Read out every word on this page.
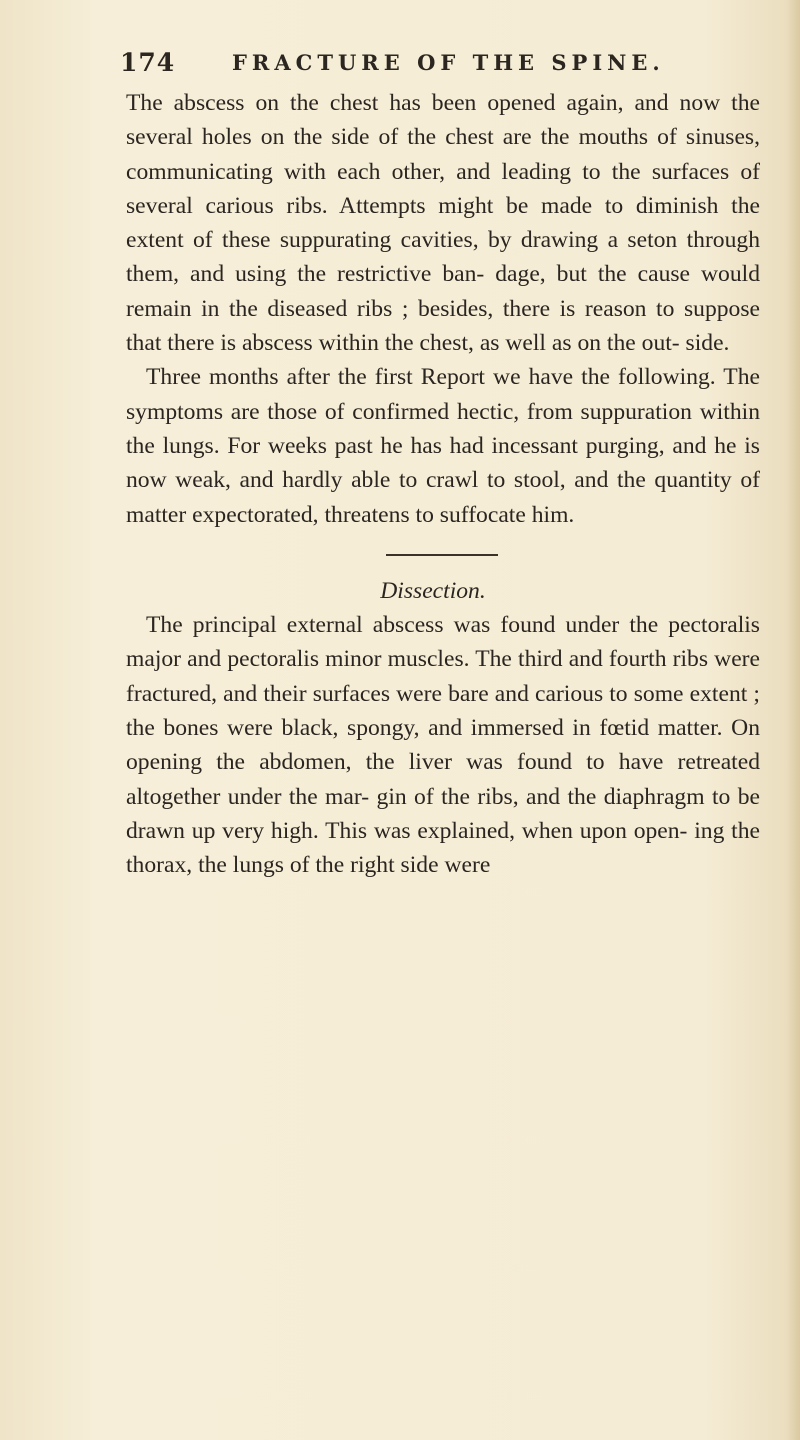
174	FRACTURE OF THE SPINE.

The abscess on the chest has been opened again, and now the several holes on the side of the chest are the mouths of sinuses, communicating with each other, and leading to the surfaces of several carious ribs. Attempts might be made to diminish the extent of these suppurating cavities, by drawing a seton through them, and using the restrictive ban- dage, but the cause would remain in the diseased ribs ; besides, there is reason to suppose that there is abscess within the chest, as well as on the out- side.

Three months after the first Report we have the following. The symptoms are those of confirmed hectic, from suppuration within the lungs. For weeks past he has had incessant purging, and he is now weak, and hardly able to crawl to stool, and the quantity of matter expectorated, threatens to suffocate him.

Dissection.

The principal external abscess was found under the pectoralis major and pectoralis minor muscles. The third and fourth ribs were fractured, and their surfaces were bare and carious to some extent ; the bones were black, spongy, and immersed in fœtid matter. On opening the abdomen, the liver was found to have retreated altogether under the mar- gin of the ribs, and the diaphragm to be drawn up very high. This was explained, when upon open- ing the thorax, the lungs of the right side were
